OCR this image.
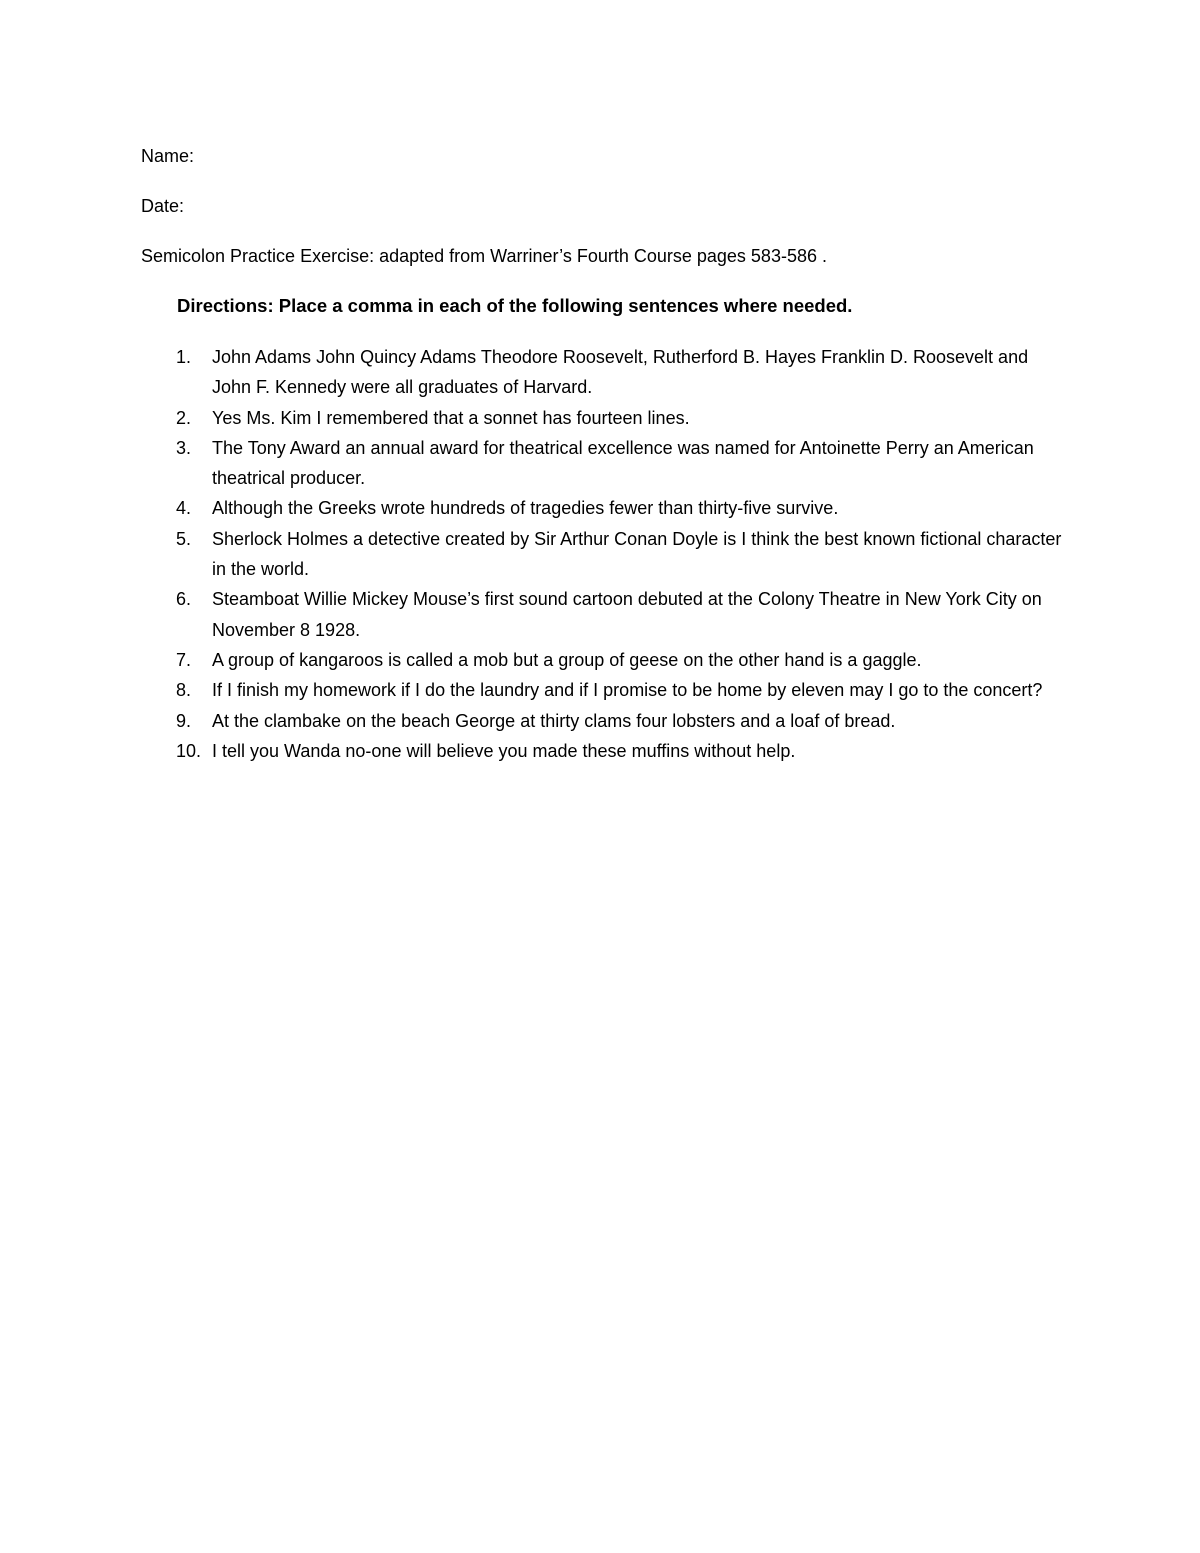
Name:
Date:
Semicolon Practice Exercise: adapted from Warriner’s Fourth Course pages 583-586 .
Directions: Place a comma in each of the following sentences where needed.
1.	John Adams John Quincy Adams Theodore Roosevelt, Rutherford B. Hayes Franklin D. Roosevelt and John F. Kennedy were all graduates of Harvard.
2.	Yes Ms. Kim I remembered that a sonnet has fourteen lines.
3.	The Tony Award an annual award for theatrical excellence was named for Antoinette Perry an American theatrical producer.
4.	Although the Greeks wrote hundreds of tragedies fewer than thirty-five survive.
5.	Sherlock Holmes a detective created by Sir Arthur Conan Doyle is I think the best known fictional character in the world.
6.	Steamboat Willie Mickey Mouse’s first sound cartoon debuted at the Colony Theatre in New York City on November 8 1928.
7.	A group of kangaroos is called a mob but a group of geese on the other hand is a gaggle.
8.	If I finish my homework if I do the laundry and if I promise to be home by eleven may I go to the concert?
9.	At the clambake on the beach George at thirty clams four lobsters and a loaf of bread.
10. I tell you Wanda no-one will believe you made these muffins without help.
